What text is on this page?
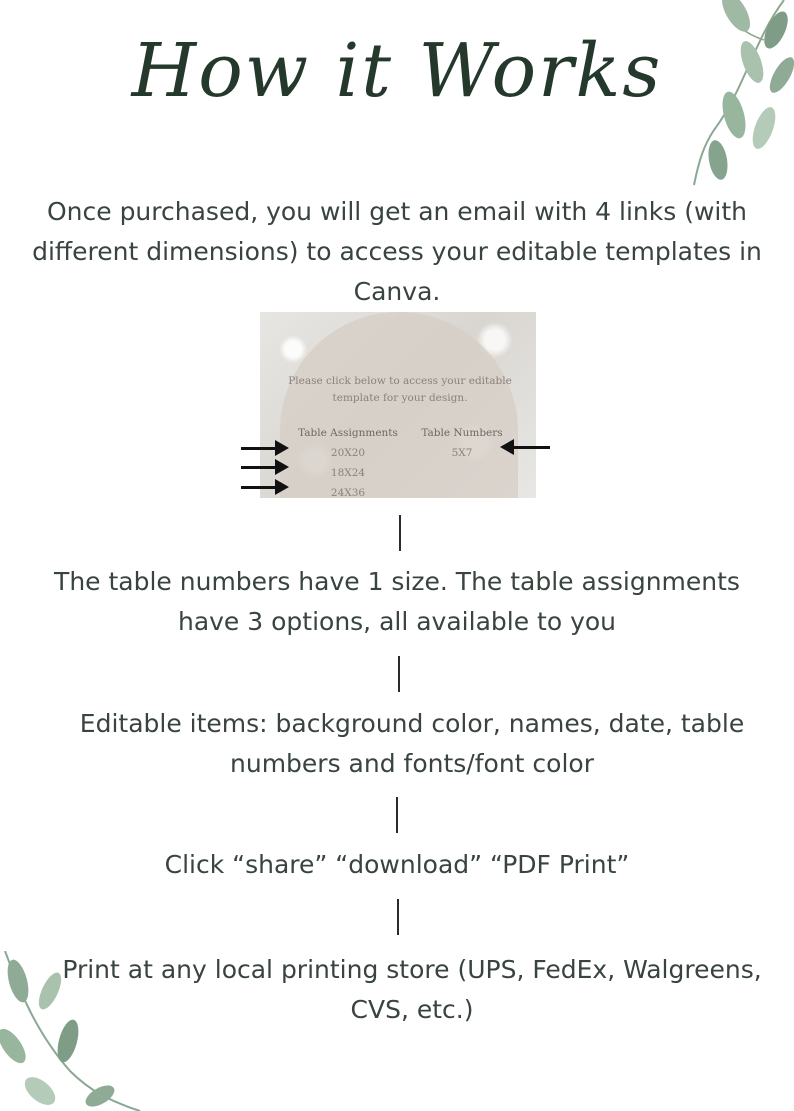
How it Works
Once purchased, you will get an email with 4 links (with different dimensions) to access your editable templates in Canva.
Please click below to access your editable
template for your design.
Table Assignments
20X20
18X24
24X36
Table Numbers
5X7
The table numbers have 1 size. The table assignments have 3 options, all available to you
Editable items: background color, names, date, table numbers and fonts/font color
Click “share” “download” “PDF Print”
Print at any local printing store (UPS, FedEx, Walgreens, CVS, etc.)
